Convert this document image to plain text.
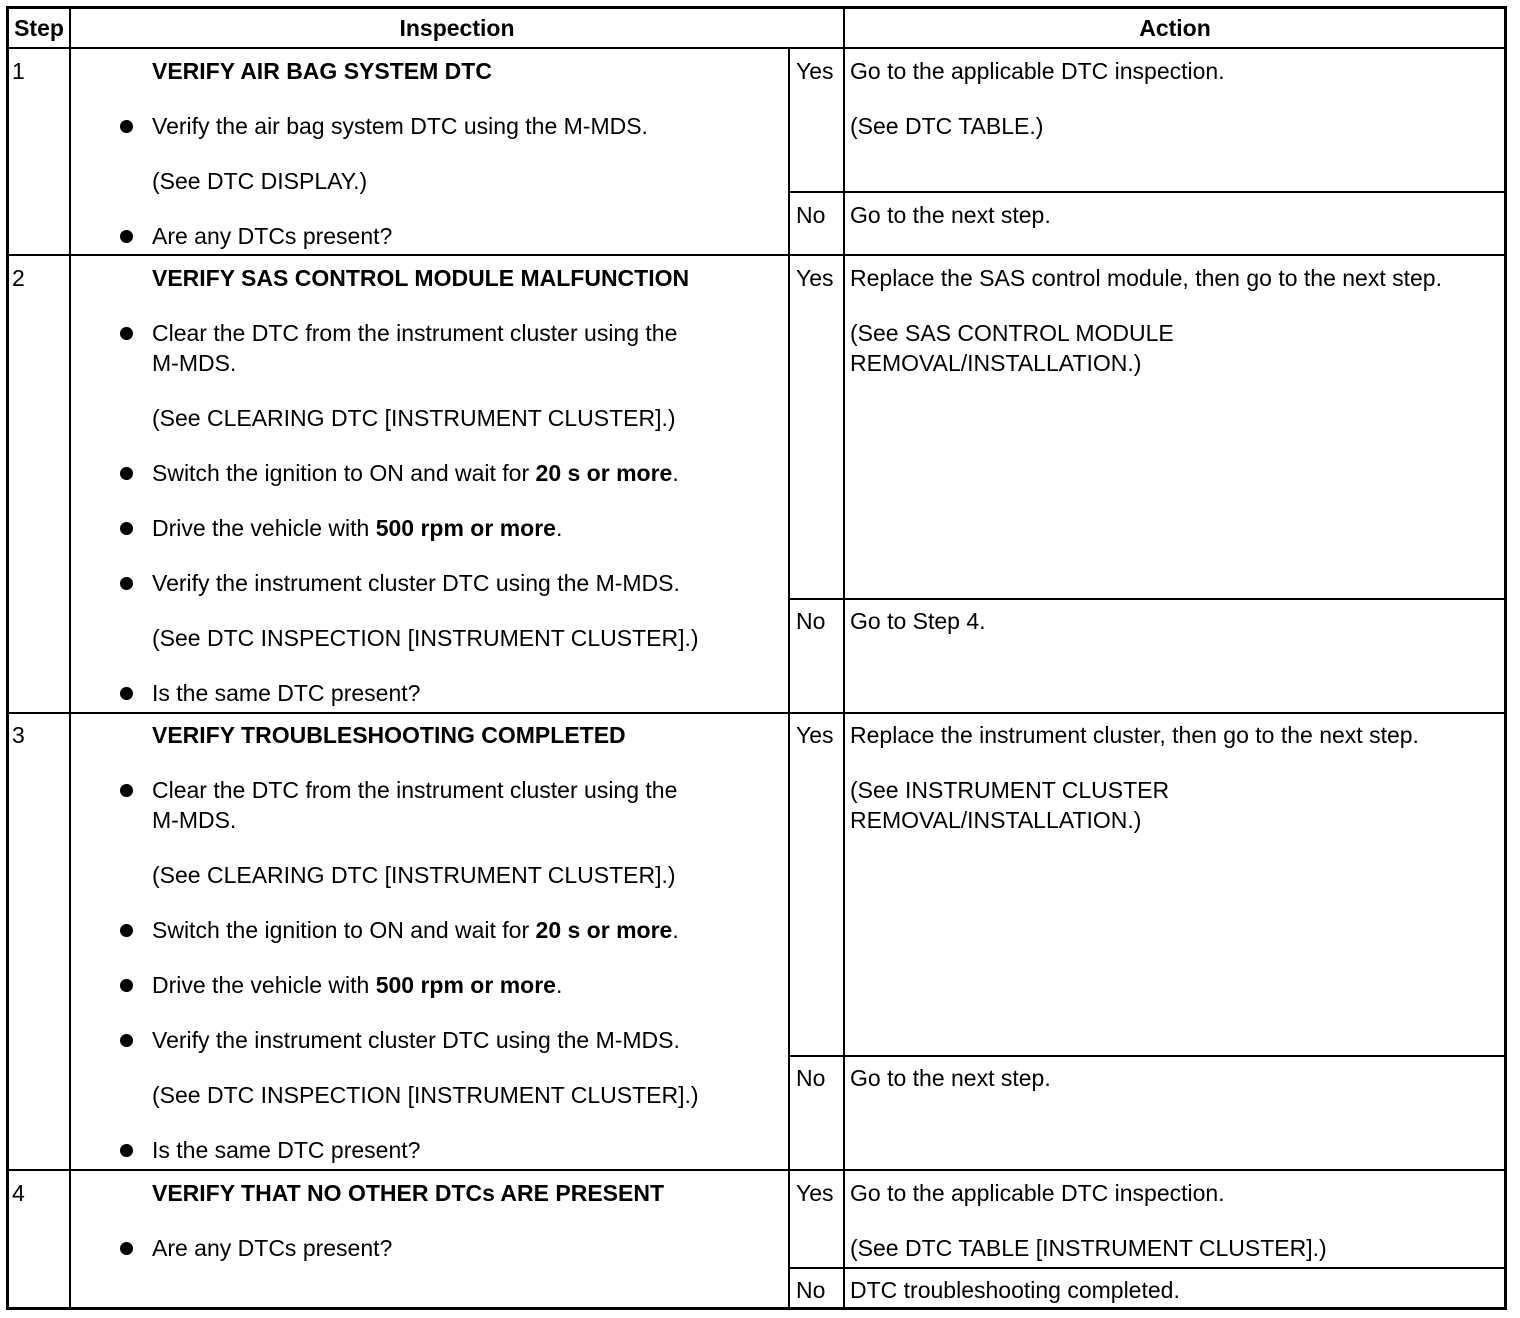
Step	Inspection	Action
1	VERIFY AIR BAG SYSTEM DTC
Verify the air bag system DTC using the M-MDS.
(See DTC DISPLAY.)
Are any DTCs present?
Yes Go to the applicable DTC inspection.
(See DTC TABLE.)
No Go to the next step.
2	VERIFY SAS CONTROL MODULE MALFUNCTION
Clear the DTC from the instrument cluster using the
M-MDS.
(See CLEARING DTC [INSTRUMENT CLUSTER].)
Switch the ignition to ON and wait for 20 s or more.
Drive the vehicle with 500 rpm or more.
Verify the instrument cluster DTC using the M-MDS.
(See DTC INSPECTION [INSTRUMENT CLUSTER].)
Is the same DTC present?
Yes Replace the SAS control module, then go to the next step.
(See SAS CONTROL MODULE
REMOVAL/INSTALLATION.)
No Go to Step 4.
3	VERIFY TROUBLESHOOTING COMPLETED
Clear the DTC from the instrument cluster using the
M-MDS.
(See CLEARING DTC [INSTRUMENT CLUSTER].)
Switch the ignition to ON and wait for 20 s or more.
Drive the vehicle with 500 rpm or more.
Verify the instrument cluster DTC using the M-MDS.
(See DTC INSPECTION [INSTRUMENT CLUSTER].)
Is the same DTC present?
Yes Replace the instrument cluster, then go to the next step.
(See INSTRUMENT CLUSTER
REMOVAL/INSTALLATION.)
No Go to the next step.
4	VERIFY THAT NO OTHER DTCs ARE PRESENT
Are any DTCs present?
Yes Go to the applicable DTC inspection.
(See DTC TABLE [INSTRUMENT CLUSTER].)
No DTC troubleshooting completed.
